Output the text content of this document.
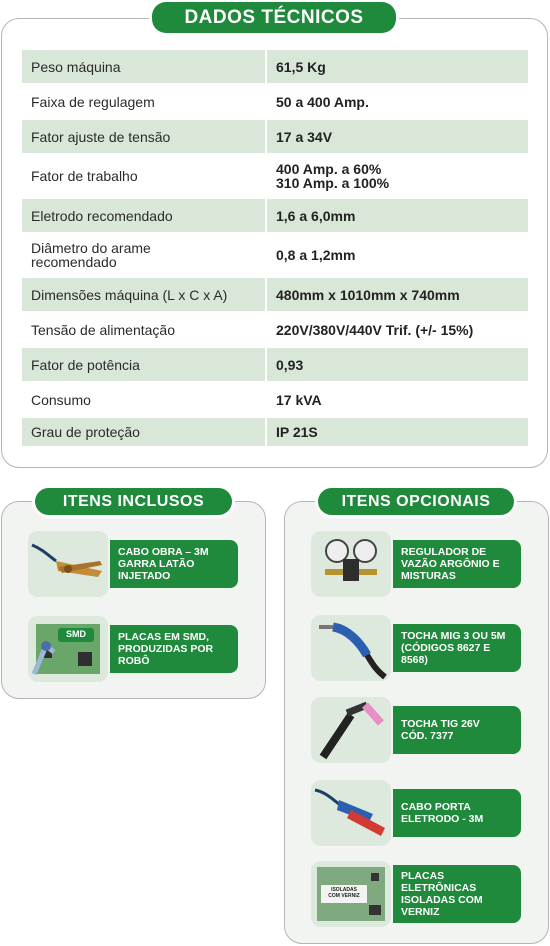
DADOS TÉCNICOS
Peso máquina	61,5 Kg
Faixa de regulagem	50 a 400 Amp.
Fator ajuste de tensão	17 a 34V
Fator de trabalho	400 Amp. a 60%
310 Amp. a 100%
Eletrodo recomendado	1,6 a 6,0mm
Diâmetro do arame
recomendado	0,8 a 1,2mm
Dimensões máquina (L x C x A)	480mm x 1010mm x 740mm
Tensão de alimentação	220V/380V/440V Trif. (+/- 15%)
Fator de potência	0,93
Consumo	17 kVA
Grau de proteção	IP 21S
ITENS INCLUSOS
CABO OBRA – 3M
GARRA LATÃO
INJETADO
SMD	PLACAS EM SMD,
PRODUZIDAS POR
ROBÔ
ITENS OPCIONAIS
REGULADOR DE
VAZÃO ARGÔNIO E
MISTURAS
TOCHA MIG 3 OU 5M
(CÓDIGOS 8627 E
8568)
TOCHA TIG 26V
CÓD. 7377
CABO PORTA
ELETRODO - 3M
ISOLADAS
COM VERNIZ
PLACAS
ELETRÔNICAS
ISOLADAS COM
VERNIZ
